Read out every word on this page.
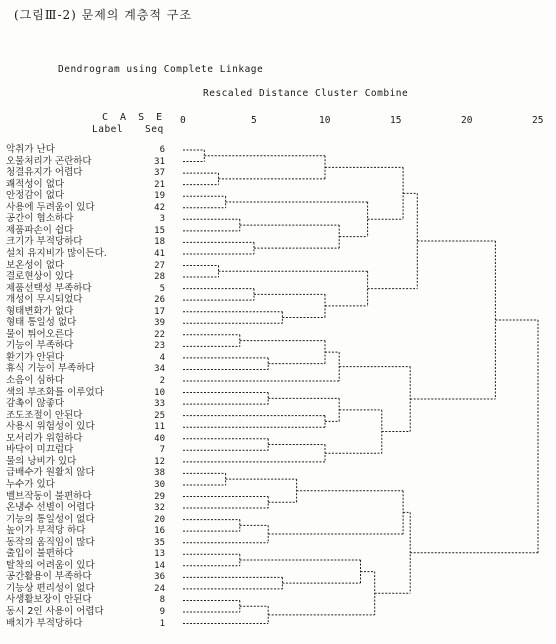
(그림Ⅲ-2) 문제의 계층적 구조
Dendrogram using Complete Linkage
Rescaled Distance Cluster Combine
C A S E
Label Seq
0	5	10	15	20	25
악취가 난다	6
오물처리가 곤란하다	31
청결유지가 어렵다	37
쾌적성이 없다	21
안정감이 없다	19
사용에 두려움이 있다	42
공간이 협소하다	3
제품파손이 쉽다	15
크기가 부적당하다	18
설치 유지비가 많이든다.	41
보온성이 없다	27
결로현상이 있다	28
제품선택성 부족하다	5
개성이 무시되었다	26
형태변화가 없다	17
형태 통일성 없다	39
물이 튀어오른다	22
기능이 부족하다	23
환기가 안된다	4
휴식 기능이 부족하다	34
소음이 심하다	2
색의 부조화를 이루었다	10
감촉이 않좋다	33
조도조절이 안된다	25
사용시 위험성이 있다	11
모서리가 위험하다	40
바닥이 미끄럽다	7
물의 낭비가 있다	12
급배수가 원활치 않다	38
누수가 있다	30
벨브작동이 불편하다	29
온냉수 선별이 어렵다	32
기능의 통일성이 없다	20
높이가 부적당 하다	16
동작의 움직임이 많다	35
출입이 불편하다	13
탈착의 어려움이 있다	14
공간활용이 부족하다	36
기능상 편리성이 없다	24
사생활보장이 안된다	8
동시 2인 사용이 어렵다	9
배치가 부적당하다	1
